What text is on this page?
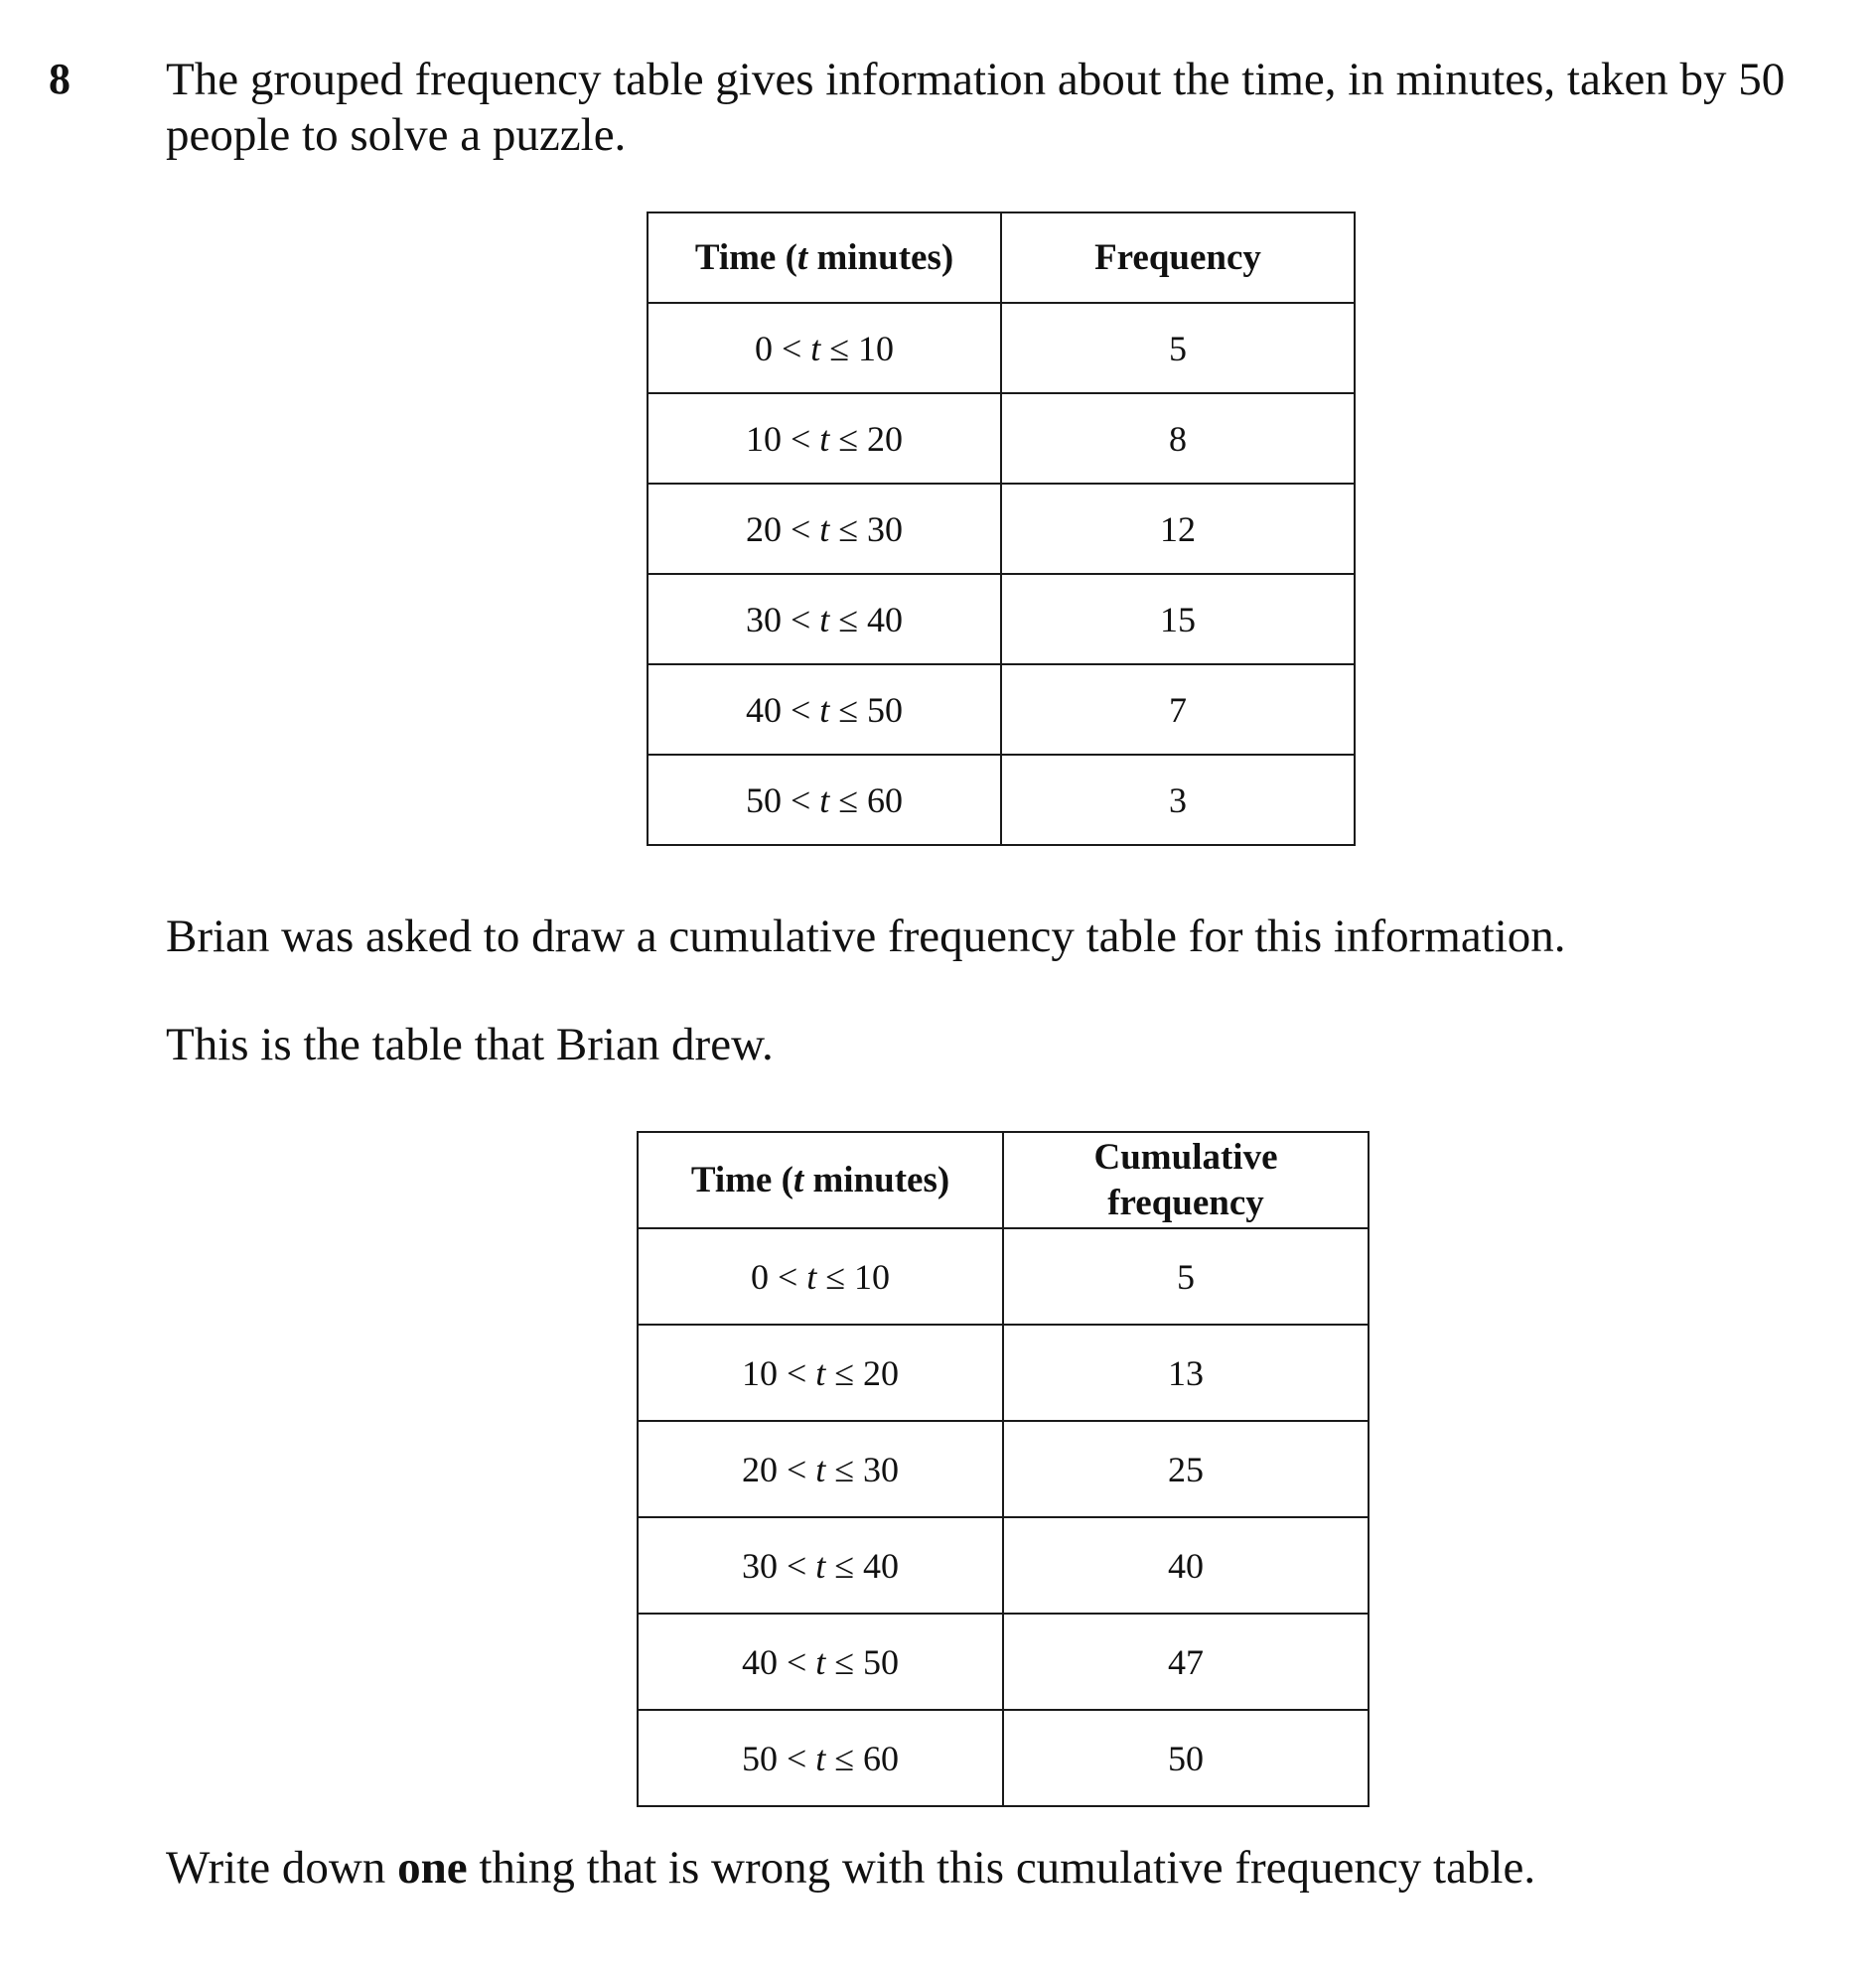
8 The grouped frequency table gives information about the time, in minutes, taken by 50 people to solve a puzzle.
Time (t minutes)	Frequency
0 < t ≤ 10	5
10 < t ≤ 20	8
20 < t ≤ 30	12
30 < t ≤ 40	15
40 < t ≤ 50	7
50 < t ≤ 60	3
Brian was asked to draw a cumulative frequency table for this information.
This is the table that Brian drew.
Time (t minutes)	Cumulative
frequency
0 < t ≤ 10	5
10 < t ≤ 20	13
20 < t ≤ 30	25
30 < t ≤ 40	40
40 < t ≤ 50	47
50 < t ≤ 60	50
Write down one thing that is wrong with this cumulative frequency table.
